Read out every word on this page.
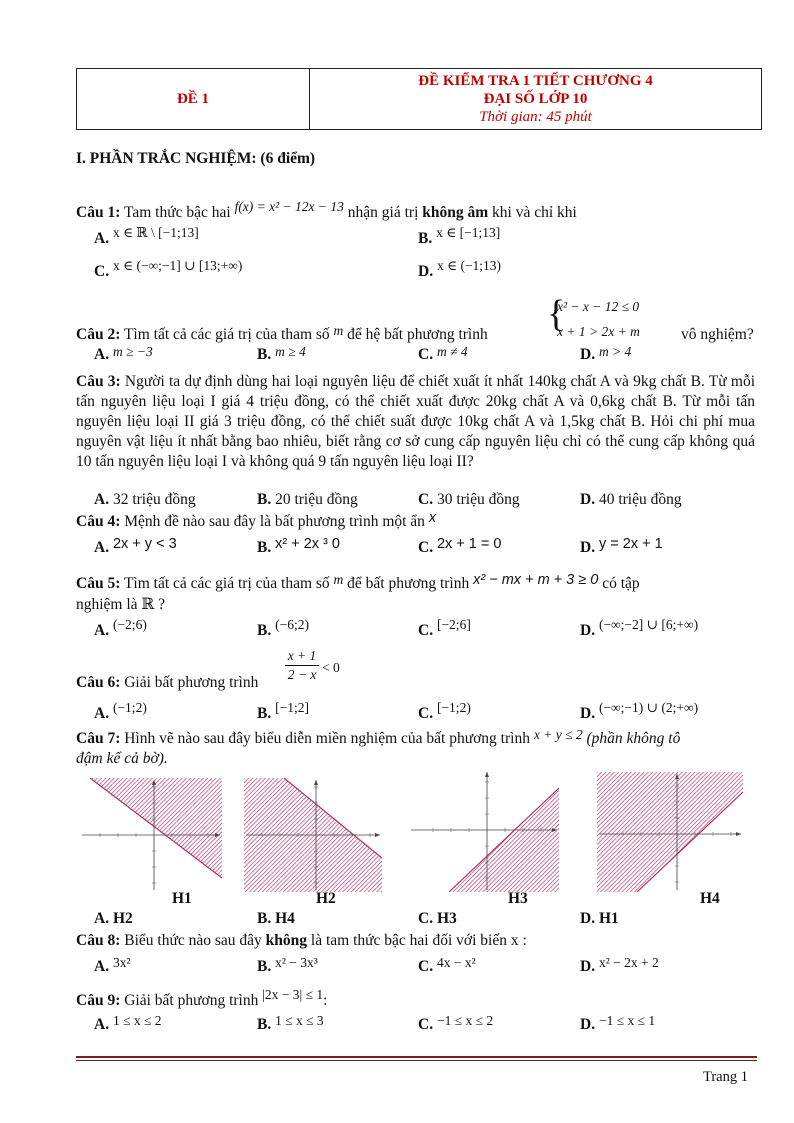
ĐỀ 1	
ĐỀ KIỂM TRA 1 TIẾT CHƯƠNG 4
ĐẠI SỐ LỚP 10
Thời gian: 45 phút
I. PHẦN TRẮC NGHIỆM: (6 điểm)
Câu 1: Tam thức bậc hai f(x) = x² − 12x − 13 nhận giá trị không âm khi và chỉ khi
A. x ∈ ℝ \ [−1;13]	B. x ∈ [−1;13]
C. x ∈ (−∞;−1] ∪ [13;+∞)	D. x ∈ (−1;13)
{
x² − x − 12 ≤ 0
x + 1 > 2x + m
Câu 2: Tìm tất cả các giá trị của tham số m để hệ bất phương trình	vô nghiệm?
A. m ≥ −3	B. m ≥ 4	C. m ≠ 4	D. m > 4
Câu 3: Người ta dự định dùng hai loại nguyên liệu để chiết xuất ít nhất 140kg chất A và 9kg chất B. Từ mỗi tấn nguyên liệu loại I giá 4 triệu đồng, có thể chiết xuất được 20kg chất A và 0,6kg chất B. Từ mỗi tấn nguyên liệu loại II giá 3 triệu đồng, có thể chiết suất được 10kg chất A và 1,5kg chất B. Hỏi chi phí mua nguyên vật liệu ít nhất bằng bao nhiêu, biết rằng cơ sở cung cấp nguyên liệu chỉ có thể cung cấp không quá 10 tấn nguyên liệu loại I và không quá 9 tấn nguyên liệu loại II?
A. 32 triệu đồng	B. 20 triệu đồng	C. 30 triệu đồng	D. 40 triệu đồng
Câu 4: Mệnh đề nào sau đây là bất phương trình một ẩn x
A. 2x + y < 3	B. x² + 2x ³ 0	C. 2x + 1 = 0	D. y = 2x + 1
Câu 5: Tìm tất cả các giá trị của tham số m để bất phương trình x² − mx + m + 3 ≥ 0 có tập
nghiệm là ℝ ?
A. (−2;6)	B. (−6;2)	C. [−2;6]	D. (−∞;−2] ∪ [6;+∞)
Câu 6: Giải bất phương trình
x + 1
2 − x < 0
A. (−1;2)	B. [−1;2]	C. [−1;2)	D. (−∞;−1) ∪ (2;+∞)
Câu 7: Hình vẽ nào sau đây biểu diễn miền nghiệm của bất phương trình x + y ≤ 2 (phần không tô
đậm kể cả bờ).
H1	H2	H3	H4
A. H2	B. H4	C. H3	D. H1
Câu 8: Biểu thức nào sau đây không là tam thức bậc hai đối với biến x :
A. 3x²	B. x² − 3x³	C. 4x − x²	D. x² − 2x + 2
Câu 9: Giải bất phương trình |2x − 3| ≤ 1:
A. 1 ≤ x ≤ 2	B. 1 ≤ x ≤ 3	C. −1 ≤ x ≤ 2	D. −1 ≤ x ≤ 1
Trang 1
